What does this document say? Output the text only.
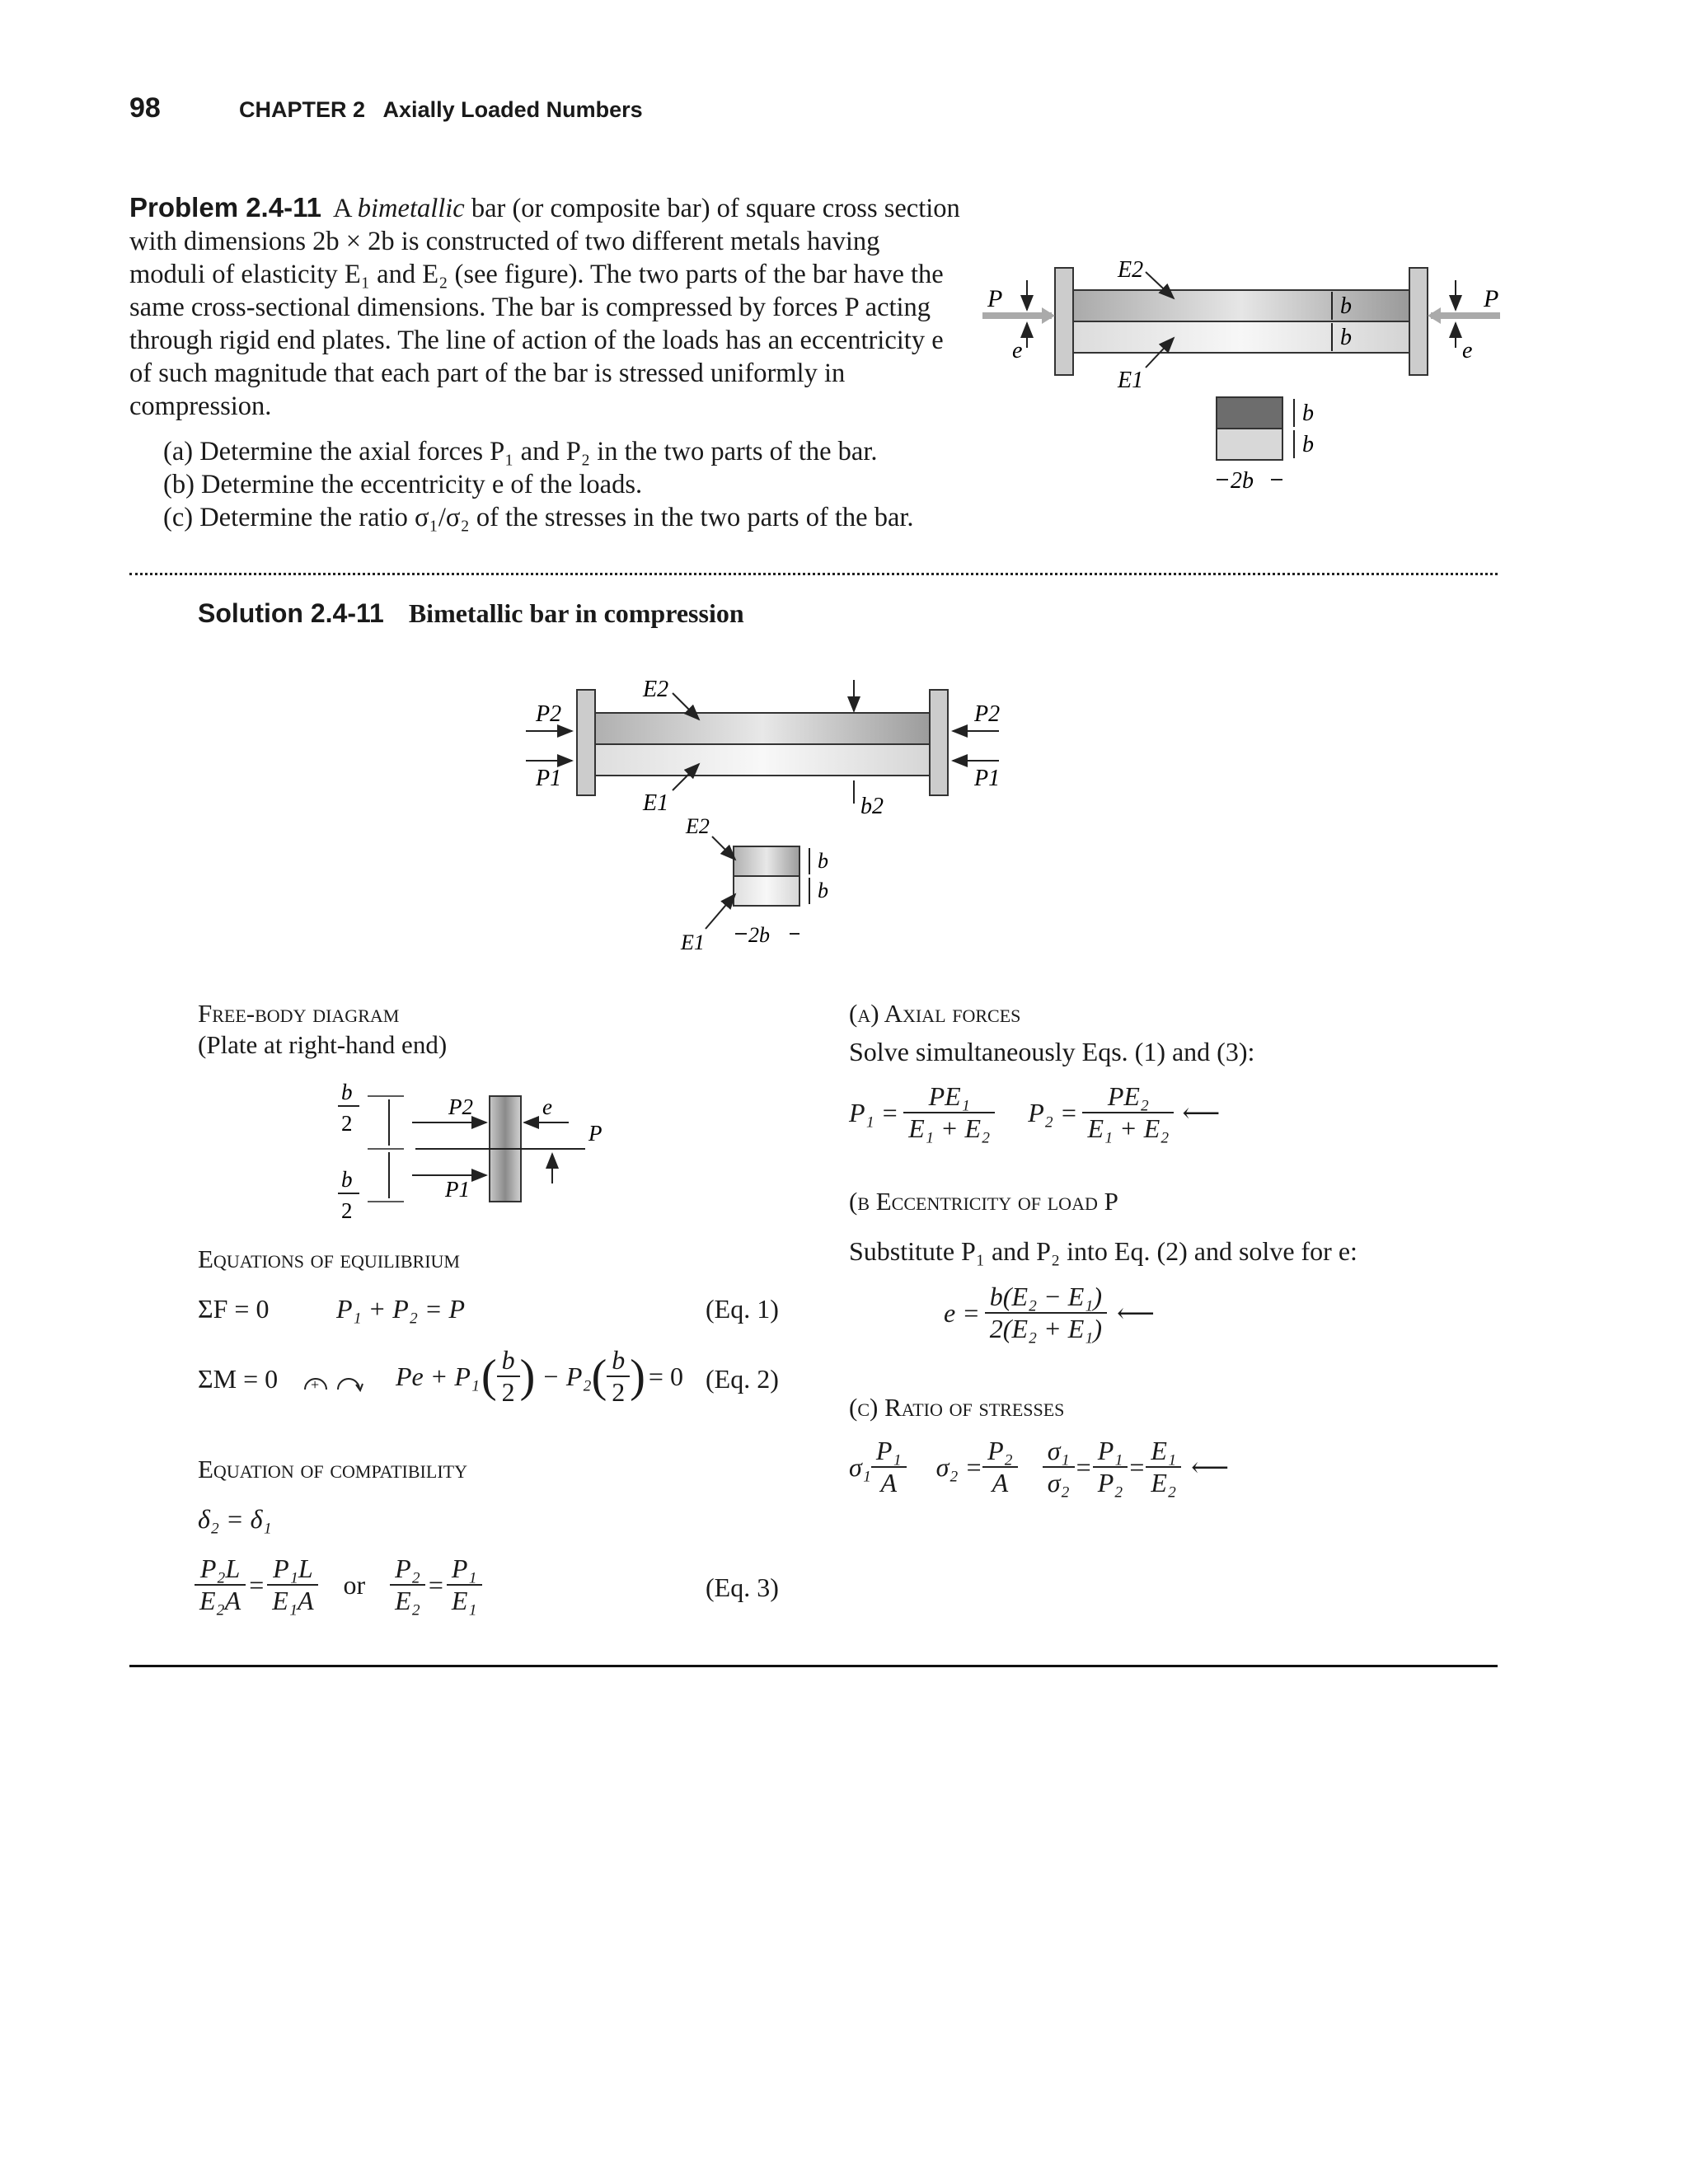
98	CHAPTER 2 Axially Loaded Numbers
Problem 2.4-11 A bimetallic bar (or composite bar) of square cross section with dimensions 2b × 2b is constructed of two different metals having moduli of elasticity E₁ and E₂ (see figure). The two parts of the bar have the same cross-sectional dimensions. The bar is compressed by forces P acting through rigid end plates. The line of action of the loads has an eccentricity e of such magnitude that each part of the bar is stressed uniformly in compression.
(a) Determine the axial forces P₁ and P₂ in the two parts of the bar.
(b) Determine the eccentricity e of the loads.
(c) Determine the ratio σ₁/σ₂ of the stresses in the two parts of the bar.
P	P
e	e
E2
E1
b
b
b
b
2b
Solution 2.4-11 Bimetallic bar in compression
P2
P1
P2
P1
E2
E1	b2
E2
E1
b
b
2b
Free-body diagram
(Plate at right-hand end)
b
2
b
2
P2
P1
e
P
Equations of equilibrium
ΣF = 0	P₁ + P₂ = P	(Eq. 1)
ΣM = 0 +	Pe + P₁ ( $\frac{b}{2}$ ) − P₂ ( $\frac{b}{2}$ ) = 0 (Eq. 2)
Equation of compatibility
δ₂ = δ₁
$\frac{\text{P₂L}}{\text{E₂A}} = \frac{\text{P₁L}}{\text{E₁A}}$ or $\frac{\text{P₂}}{\text{E₂}} = \frac{\text{P₁}}{\text{E₁}}$	(Eq. 3)
(a) Axial forces
Solve simultaneously Eqs. (1) and (3):
$P_1 = \frac{\text{PE₁}}{\text{E₁ + E₂}} P_2 = \frac{\text{PE₂}}{\text{E₁ + E₂}}$ ⟵
(b Eccentricity of load P
Substitute P₁ and P₂ into Eq. (2) and solve for e:
$e = \frac{\text{b(E₂ − E₁)}}{\text{2(E₂ + E₁)}}$ ⟵
(c) Ratio of stresses
$\sigma_1 \frac{\text{P₁}}{A} \sigma_2 = \frac{\text{P₂}}{A} \frac{\text{σ₁}}{\text{σ₂}} = \frac{\text{P₁}}{\text{P₂}} = \frac{\text{E₁}}{\text{E₂}}$ ⟵
